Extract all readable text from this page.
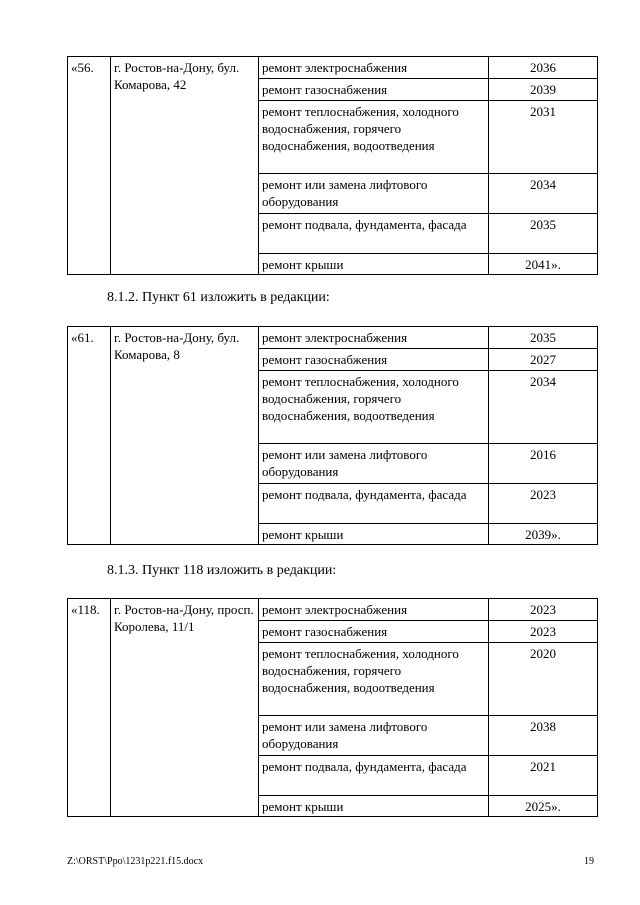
«56.	г. Ростов-на-Дону, бул. Комарова, 42	ремонт электроснабжения	2036
		ремонт газоснабжения	2039
		ремонт теплоснабжения, холодного водоснабжения, горячего водоснабжения, водоотведения	2031
		ремонт или замена лифтового оборудования	2034
		ремонт подвала, фундамента, фасада	2035
		ремонт крыши	2041».
8.1.2. Пункт 61 изложить в редакции:
«61.	г. Ростов-на-Дону, бул. Комарова, 8	ремонт электроснабжения	2035
		ремонт газоснабжения	2027
		ремонт теплоснабжения, холодного водоснабжения, горячего водоснабжения, водоотведения	2034
		ремонт или замена лифтового оборудования	2016
		ремонт подвала, фундамента, фасада	2023
		ремонт крыши	2039».
8.1.3. Пункт 118 изложить в редакции:
«118.	г. Ростов-на-Дону, просп. Королева, 11/1	ремонт электроснабжения	2023
		ремонт газоснабжения	2023
		ремонт теплоснабжения, холодного водоснабжения, горячего водоснабжения, водоотведения	2020
		ремонт или замена лифтового оборудования	2038
		ремонт подвала, фундамента, фасада	2021
		ремонт крыши	2025».
Z:\ORST\Ppo\1231p221.f15.docx	19
